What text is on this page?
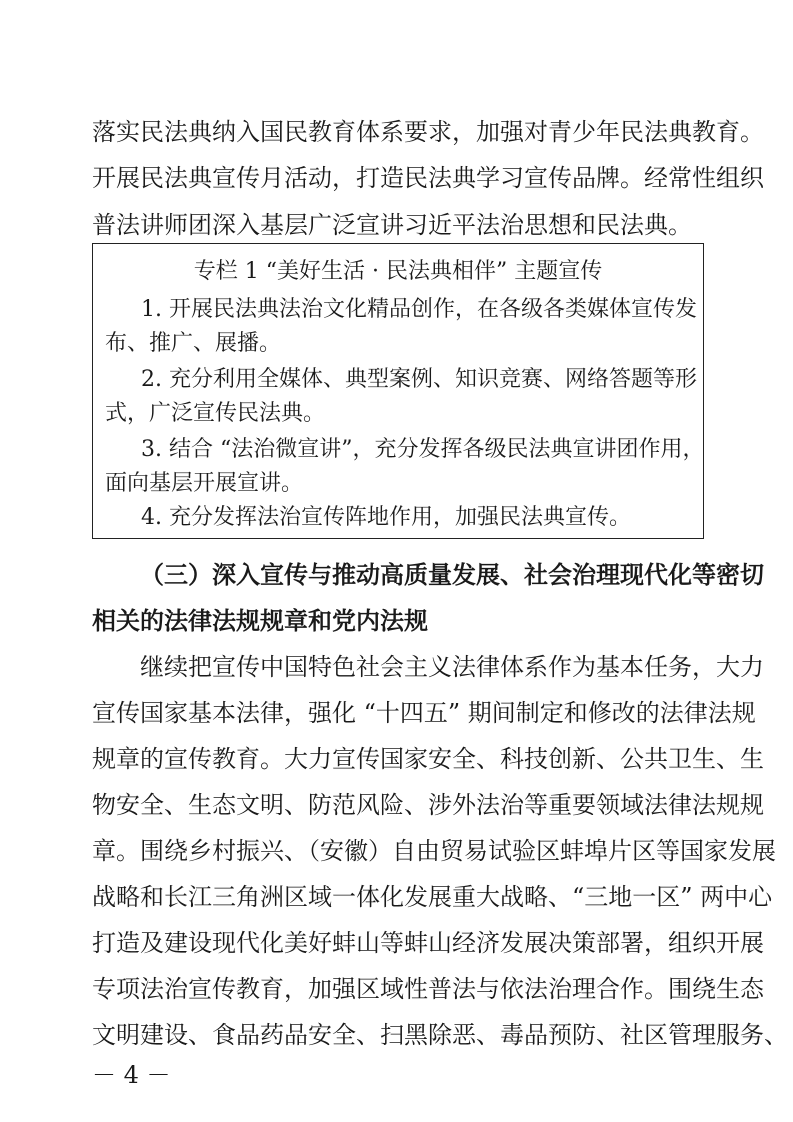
落实民法典纳入国民教育体系要求，加强对青少年民法典教育。
开展民法典宣传月活动，打造民法典学习宣传品牌。经常性组织
普法讲师团深入基层广泛宣讲习近平法治思想和民法典。
专栏 1 “美好生活 · 民法典相伴” 主题宣传
1. 开展民法典法治文化精品创作，在各级各类媒体宣传发
布、推广、展播。
2. 充分利用全媒体、典型案例、知识竞赛、网络答题等形
式，广泛宣传民法典。
3. 结合 “法治微宣讲”，充分发挥各级民法典宣讲团作用，
面向基层开展宣讲。
4. 充分发挥法治宣传阵地作用，加强民法典宣传。
（三）深入宣传与推动高质量发展、社会治理现代化等密切
相关的法律法规规章和党内法规
继续把宣传中国特色社会主义法律体系作为基本任务，大力
宣传国家基本法律，强化 “十四五” 期间制定和修改的法律法规
规章的宣传教育。大力宣传国家安全、科技创新、公共卫生、生
物安全、生态文明、防范风险、涉外法治等重要领域法律法规规
章。围绕乡村振兴、（安徽）自由贸易试验区蚌埠片区等国家发展
战略和长江三角洲区域一体化发展重大战略、“三地一区” 两中心
打造及建设现代化美好蚌山等蚌山经济发展决策部署，组织开展
专项法治宣传教育，加强区域性普法与依法治理合作。围绕生态
文明建设、食品药品安全、扫黑除恶、毒品预防、社区管理服务、
－ 4 －
